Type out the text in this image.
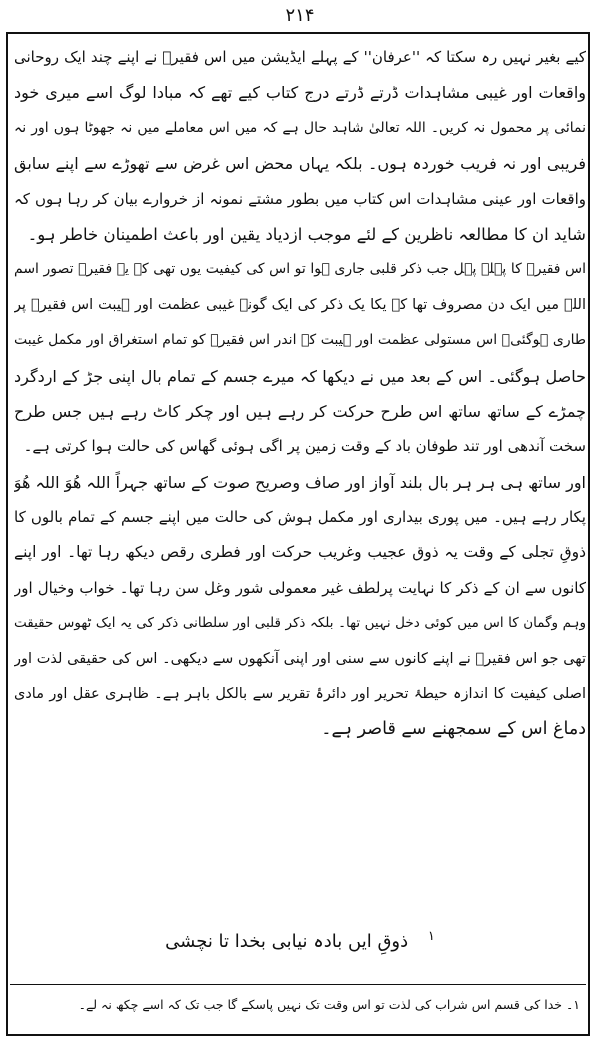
۲۱۴
کیے بغیر نہیں رہ سکتا کہ ''عرفان'' کے پہلے ایڈیشن میں اس فقیرؒ نے اپنے چند ایک روحانی
واقعات اور غیبی مشاہدات ڈرتے ڈرتے درج کتاب کیے تھے کہ مبادا لوگ اسے میری خود
نمائی پر محمول نہ کریں۔ اللہ تعالیٰ شاہد حال ہے کہ میں اس معاملے میں نہ جھوٹا ہوں اور نہ
فریبی اور نہ فریب خوردہ ہوں۔ بلکہ یہاں محض اس غرض سے تھوڑے سے اپنے سابق
واقعات اور عینی مشاہدات اس کتاب میں بطور مشتے نمونہ از خروارے بیان کر رہا ہوں کہ
شاید ان کا مطالعہ ناظرین کے لئے موجب ازدیاد یقین اور باعث اطمینان خاطر ہو۔
اس فقیرؒ کا پہلے پہل جب ذکر قلبی جاری ہوا تو اس کی کیفیت یوں تھی کہ یہ فقیرؒ تصور اسم
اللہ میں ایک دن مصروف تھا کہ یکا یک ذکر کی ایک گونہ غیبی عظمت اور ہیبت اس فقیرؒ پر
طاری ہوگئی۔ اس مستولی عظمت اور ہیبت کے اندر اس فقیرؒ کو تمام استغراق اور مکمل غیبت
حاصل ہوگئی۔ اس کے بعد میں نے دیکھا کہ میرے جسم کے تمام بال اپنی جڑ کے اردگرد
چمڑے کے ساتھ ساتھ اس طرح حرکت کر رہے ہیں اور چکر کاٹ رہے ہیں جس طرح
سخت آندھی اور تند طوفان باد کے وقت زمین پر اگی ہوئی گھاس کی حالت ہوا کرتی ہے۔
اور ساتھ ہی ہر ہر بال بلند آواز اور صاف وصریح صوت کے ساتھ جہراً اللہ ھُوَ اللہ ھُوَ
پکار رہے ہیں۔ میں پوری بیداری اور مکمل ہوش کی حالت میں اپنے جسم کے تمام بالوں کا
ذوقِ تجلی کے وقت یہ ذوق عجیب وغریب حرکت اور فطری رقص دیکھ رہا تھا۔ اور اپنے
کانوں سے ان کے ذکر کا نہایت پرلطف غیر معمولی شور وغل سن رہا تھا۔ خواب وخیال اور
وہم وگمان کا اس میں کوئی دخل نہیں تھا۔ بلکہ ذکر قلبی اور سلطانی ذکر کی یہ ایک ٹھوس حقیقت
تھی جو اس فقیرؒ نے اپنے کانوں سے سنی اور اپنی آنکھوں سے دیکھی۔ اس کی حقیقی لذت اور
اصلی کیفیت کا اندازہ حیطۂ تحریر اور دائرۂ تقریر سے بالکل باہر ہے۔ ظاہری عقل اور مادی
دماغ اس کے سمجھنے سے قاصر ہے۔
$^۱$ ذوقِ ایں بادہ نیابی بخدا تا نچشی
۱۔ خدا کی قسم اس شراب کی لذت تو اس وقت تک نہیں پاسکے گا جب تک کہ اسے چکھ نہ لے۔
